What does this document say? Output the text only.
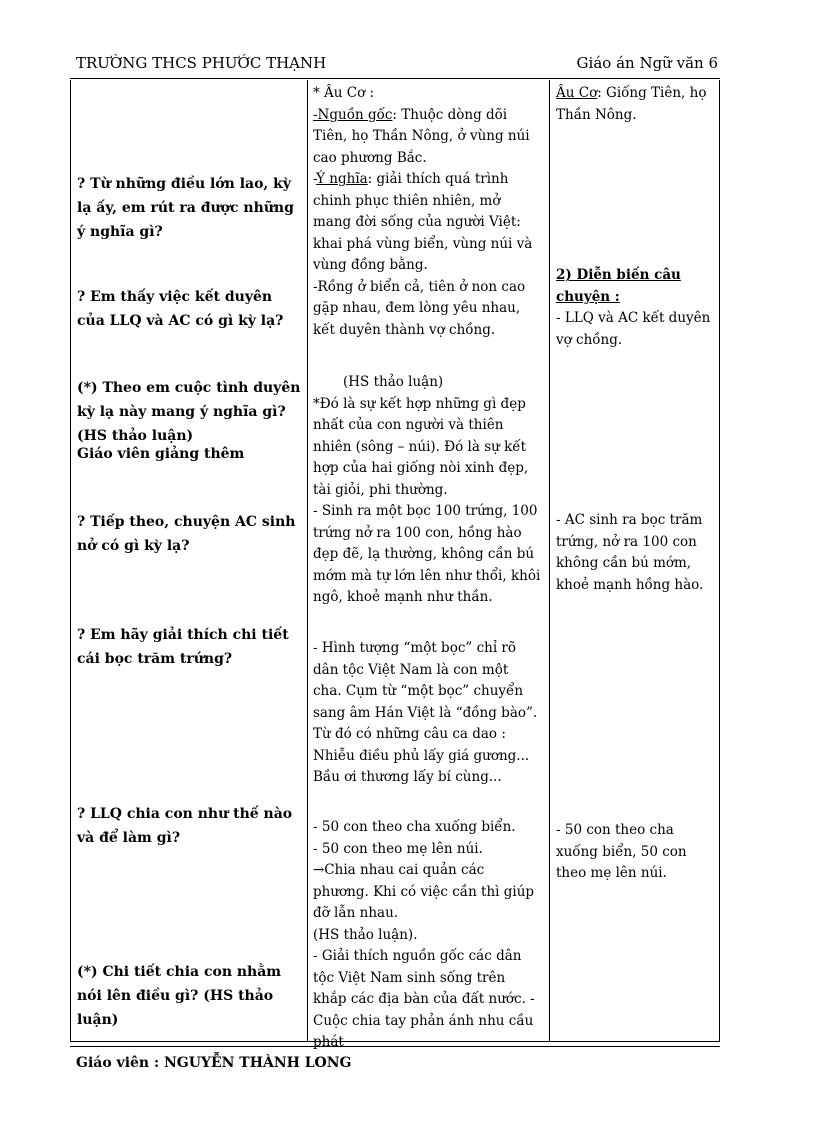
TRƯỜNG THCS PHƯỚC THẠNH	Giáo án Ngữ văn 6
? Từ những điều lớn lao, kỳ lạ ấy, em rút ra được những ý nghĩa gì?
? Em thấy việc kết duyên của LLQ và AC có gì kỳ lạ?
(*) Theo em cuộc tình duyên kỳ lạ này mang ý nghĩa gì?(HS thảo luận)
Giáo viên giảng thêm
? Tiếp theo, chuyện AC sinh nở có gì kỳ lạ?
? Em hãy giải thích chi tiết cái bọc trăm trứng?
? LLQ chia con như thế nào và để làm gì?
(*) Chi tiết chia con nhằm nói lên điều gì? (HS thảo luận)

* Âu Cơ :

-Nguồn gốc: Thuộc dòng dõi Tiên, họ Thần Nông, ở vùng núi cao phương Bắc.

-Ý nghĩa: giải thích quá trình chinh phục thiên nhiên, mở mang đời sống của người Việt: khai phá vùng biển, vùng núi và vùng đồng bằng.

-Rồng ở biển cả, tiên ở non cao gặp nhau, đem lòng yêu nhau, kết duyên thành vợ chồng.

(HS thảo luận)

*Đó là sự kết hợp những gì đẹp nhất của con người và thiên nhiên (sông – núi). Đó là sự kết hợp của hai giống nòi xinh đẹp, tài giỏi, phi thường.

- Sinh ra một bọc 100 trứng, 100 trứng nở ra 100 con, hồng hào đẹp đẽ, lạ thường, không cần bú mớm mà tự lớn lên như thổi, khôi ngô, khoẻ mạnh như thần.

- Hình tượng “một bọc” chỉ rõ dân tộc Việt Nam là con một cha. Cụm từ “một bọc” chuyển sang âm Hán Việt là “đồng bào”. Từ đó có những câu ca dao :

Nhiễu điều phủ lấy giá gương...

Bầu ơi thương lấy bí cùng...

- 50 con theo cha xuống biển.

- 50 con theo mẹ lên núi.

→Chia nhau cai quản các phương. Khi có việc cần thì giúp đỡ lẫn nhau.

(HS thảo luận).

- Giải thích nguồn gốc các dân tộc Việt Nam sinh sống trên khắp các địa bàn của đất nước. - Cuộc chia tay phản ánh nhu cầu phát

Âu Cơ: Giống Tiên, họ Thần Nông.

2) Diễn biến câu chuyện :

- LLQ và AC kết duyên vợ chồng.

- AC sinh ra bọc trăm trứng, nở ra 100 con không cần bú mớm, khoẻ mạnh hồng hào.
- 50 con theo cha xuống biển, 50 con theo mẹ lên núi.
Giáo viên : NGUYỄN THÀNH LONG
